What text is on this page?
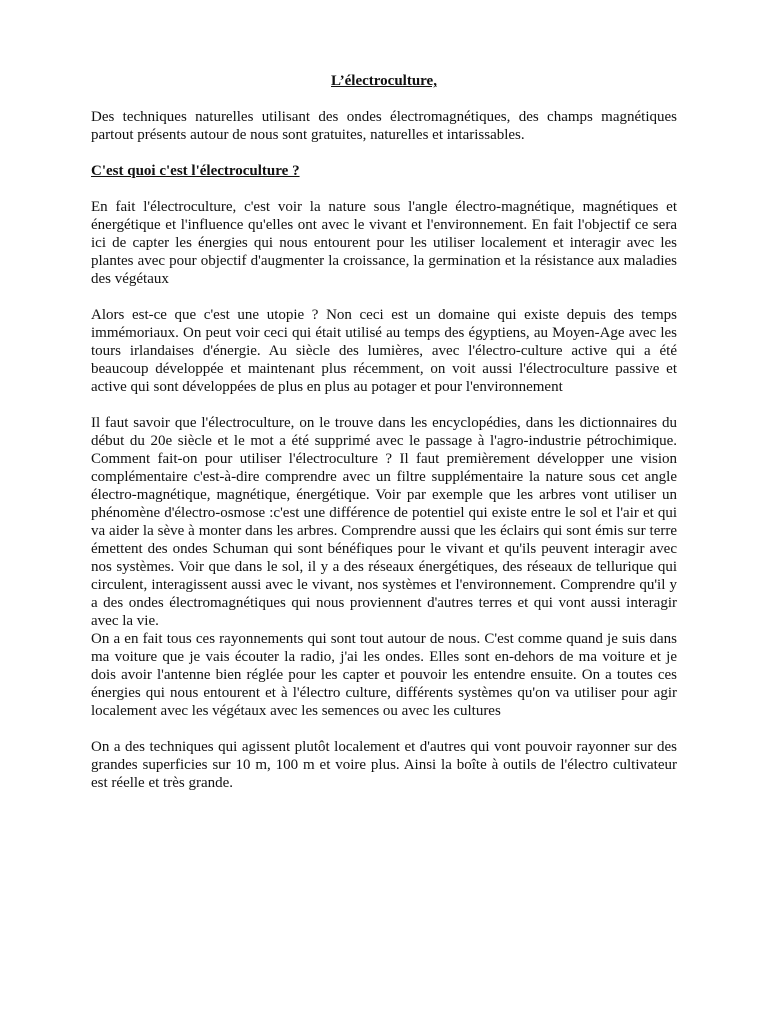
L’électroculture,
Des techniques naturelles utilisant des ondes électromagnétiques, des champs magnétiques partout présents autour de nous sont gratuites, naturelles et intarissables.
C'est quoi c'est l'électroculture ?
En fait l'électroculture, c'est voir la nature sous l'angle électro-magnétique, magnétiques et énergétique et l'influence qu'elles ont avec le vivant et l'environnement. En fait l'objectif ce sera ici de capter les énergies qui nous entourent pour les utiliser localement et interagir avec les plantes avec pour objectif d'augmenter la croissance, la germination et la résistance aux maladies des végétaux
Alors est-ce que c'est une utopie ? Non ceci est un domaine qui existe depuis des temps immémoriaux. On peut voir ceci qui était utilisé au temps des égyptiens, au Moyen-Age avec les tours irlandaises d'énergie. Au siècle des lumières, avec l'électro-culture active qui a été beaucoup développée et maintenant plus récemment, on voit aussi l'électroculture passive et active qui sont développées de plus en plus au potager et pour l'environnement
Il faut savoir que l'électroculture, on le trouve dans les encyclopédies, dans les dictionnaires du début du 20e siècle et le mot a été supprimé avec le passage à l'agro-industrie pétrochimique. Comment fait-on pour utiliser l'électroculture ? Il faut premièrement développer une vision complémentaire c'est-à-dire comprendre avec un filtre supplémentaire la nature sous cet angle électro-magnétique, magnétique, énergétique. Voir par exemple que les arbres vont utiliser un phénomène d'électro-osmose :c'est une différence de potentiel qui existe entre le sol et l'air et qui va aider la sève à monter dans les arbres. Comprendre aussi que les éclairs qui sont émis sur terre émettent des ondes Schuman qui sont bénéfiques pour le vivant et qu'ils peuvent interagir avec nos systèmes. Voir que dans le sol, il y a des réseaux énergétiques, des réseaux de tellurique qui circulent, interagissent aussi avec le vivant, nos systèmes et l'environnement. Comprendre qu'il y a des ondes électromagnétiques qui nous proviennent d'autres terres et qui vont aussi interagir avec la vie.
On a en fait tous ces rayonnements qui sont tout autour de nous. C'est comme quand je suis dans ma voiture que je vais écouter la radio, j'ai les ondes. Elles sont en-dehors de ma voiture et je dois avoir l'antenne bien réglée pour les capter et pouvoir les entendre ensuite. On a toutes ces énergies qui nous entourent et à l'électro culture, différents systèmes qu'on va utiliser pour agir localement avec les végétaux avec les semences ou avec les cultures
On a des techniques qui agissent plutôt localement et d'autres qui vont pouvoir rayonner sur des grandes superficies sur 10 m, 100 m et voire plus. Ainsi la boîte à outils de l'électro cultivateur est réelle et très grande.
